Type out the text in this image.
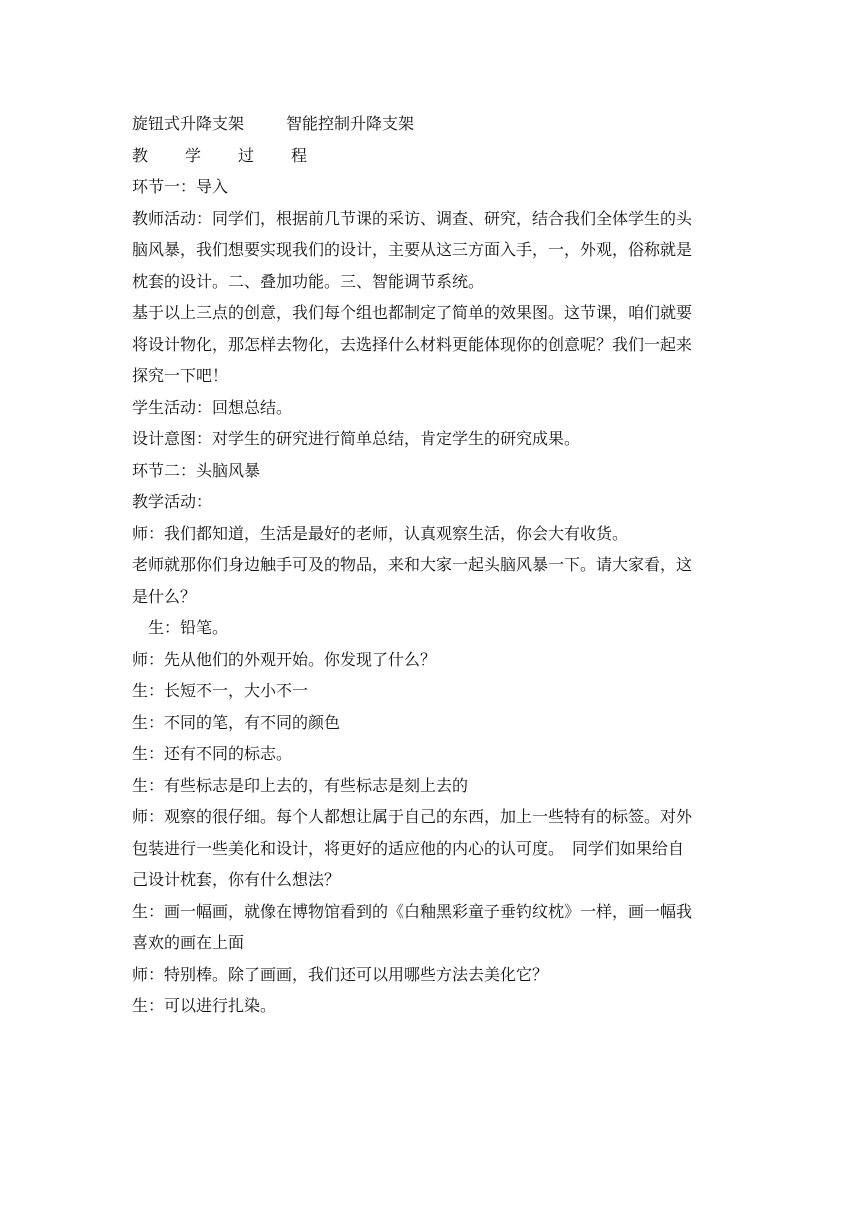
旋钮式升降支架	智能控制升降支架

教 学 过 程

环节一：导入

教师活动：同学们，根据前几节课的采访、调查、研究，结合我们全体学生的头

脑风暴，我们想要实现我们的设计，主要从这三方面入手，一，外观，俗称就是

枕套的设计。二、叠加功能。三、智能调节系统。

基于以上三点的创意，我们每个组也都制定了简单的效果图。这节课，咱们就要

将设计物化，那怎样去物化，去选择什么材料更能体现你的创意呢？我们一起来

探究一下吧！

学生活动：回想总结。

设计意图：对学生的研究进行简单总结，肯定学生的研究成果。

环节二：头脑风暴

教学活动：

师：我们都知道，生活是最好的老师，认真观察生活，你会大有收货。

老师就那你们身边触手可及的物品，来和大家一起头脑风暴一下。请大家看，这

是什么？

生：铅笔。

师：先从他们的外观开始。你发现了什么？

生：长短不一，大小不一

生：不同的笔，有不同的颜色

生：还有不同的标志。

生：有些标志是印上去的，有些标志是刻上去的

师：观察的很仔细。每个人都想让属于自己的东西，加上一些特有的标签。对外

包装进行一些美化和设计，将更好的适应他的内心的认可度。　同学们如果给自

己设计枕套，你有什么想法？

生：画一幅画，就像在博物馆看到的《白釉黑彩童子垂钓纹枕》一样，画一幅我

喜欢的画在上面

师：特别棒。除了画画，我们还可以用哪些方法去美化它？

生：可以进行扎染。
